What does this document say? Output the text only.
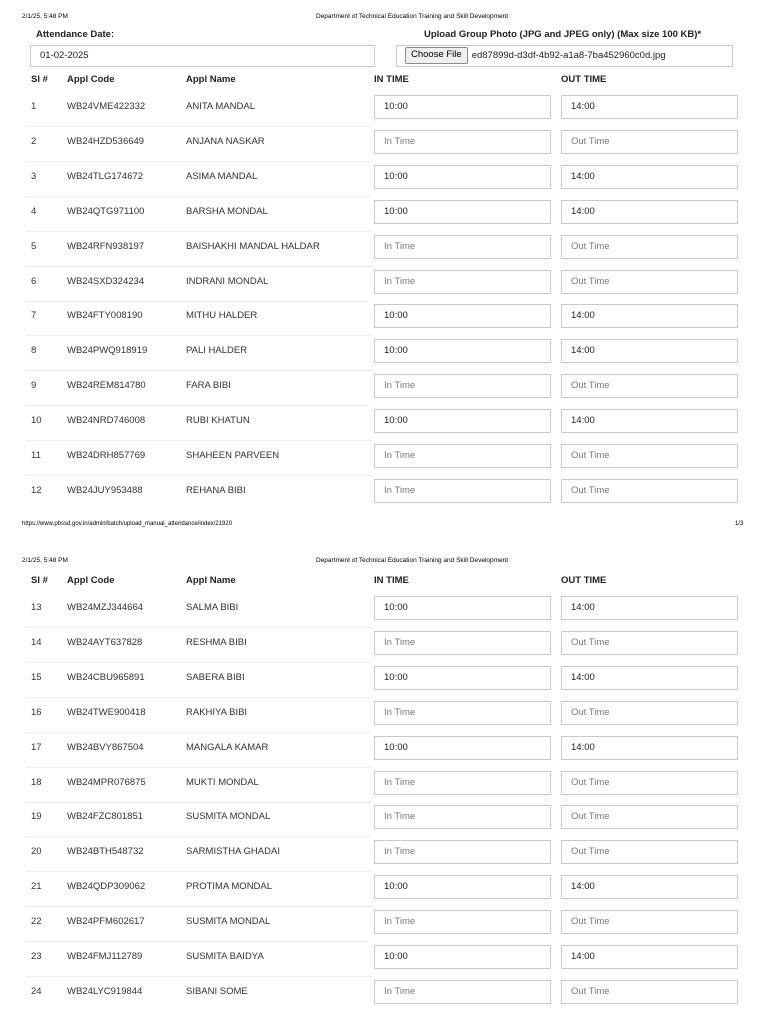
2/1/25, 5:48 PM	Department of Technical Education Training and Skill Development
Attendance Date:	Upload Group Photo (JPG and JPEG only) (Max size 100 KB)*
01-02-2025	Choose File ed87899d-d3df-4b92-a1a8-7ba452960c0d.jpg
Sl # Appl Code	Appl Name	IN TIME	OUT TIME
1	WB24VME422332	ANITA MANDAL	10:00	14:00
2	WB24HZD536649	ANJANA NASKAR	In Time	Out Time
3	WB24TLG174672	ASIMA MANDAL	10:00	14:00
4	WB24QTG971100	BARSHA MONDAL	10:00	14:00
5	WB24RFN938197	BAISHAKHI MANDAL HALDAR	In Time	Out Time
6	WB24SXD324234	INDRANI MONDAL	In Time	Out Time
7	WB24FTY008190	MITHU HALDER	10:00	14:00
8	WB24PWQ918919	PALI HALDER	10:00	14:00
9	WB24REM814780	FARA BIBI	In Time	Out Time
10	WB24NRD746008	RUBI KHATUN	10:00	14:00
11	WB24DRH857769	SHAHEEN PARVEEN	In Time	Out Time
12	WB24JUY953488	REHANA BIBI	In Time	Out Time
https://www.pbssd.gov.in/admin/batch/upload_manual_attendance/index/21920	1/3
2/1/25, 5:48 PM	Department of Technical Education Training and Skill Development
Sl # Appl Code	Appl Name	IN TIME	OUT TIME
13	WB24MZJ344664	SALMA BIBI	10:00	14:00
14	WB24AYT637828	RESHMA BIBI	In Time	Out Time
15	WB24CBU965891	SABERA BIBI	10:00	14:00
16	WB24TWE900418	RAKHIYA BIBI	In Time	Out Time
17	WB24BVY867504	MANGALA KAMAR	10:00	14:00
18	WB24MPR076875	MUKTI MONDAL	In Time	Out Time
19	WB24FZC801851	SUSMITA MONDAL	In Time	Out Time
20	WB24BTH548732	SARMISTHA GHADAI	In Time	Out Time
21	WB24QDP309062	PROTIMA MONDAL	10:00	14:00
22	WB24PFM602617	SUSMITA MONDAL	In Time	Out Time
23	WB24FMJ112789	SUSMITA BAIDYA	10:00	14:00
24	WB24LYC919844	SIBANI SOME	In Time	Out Time
